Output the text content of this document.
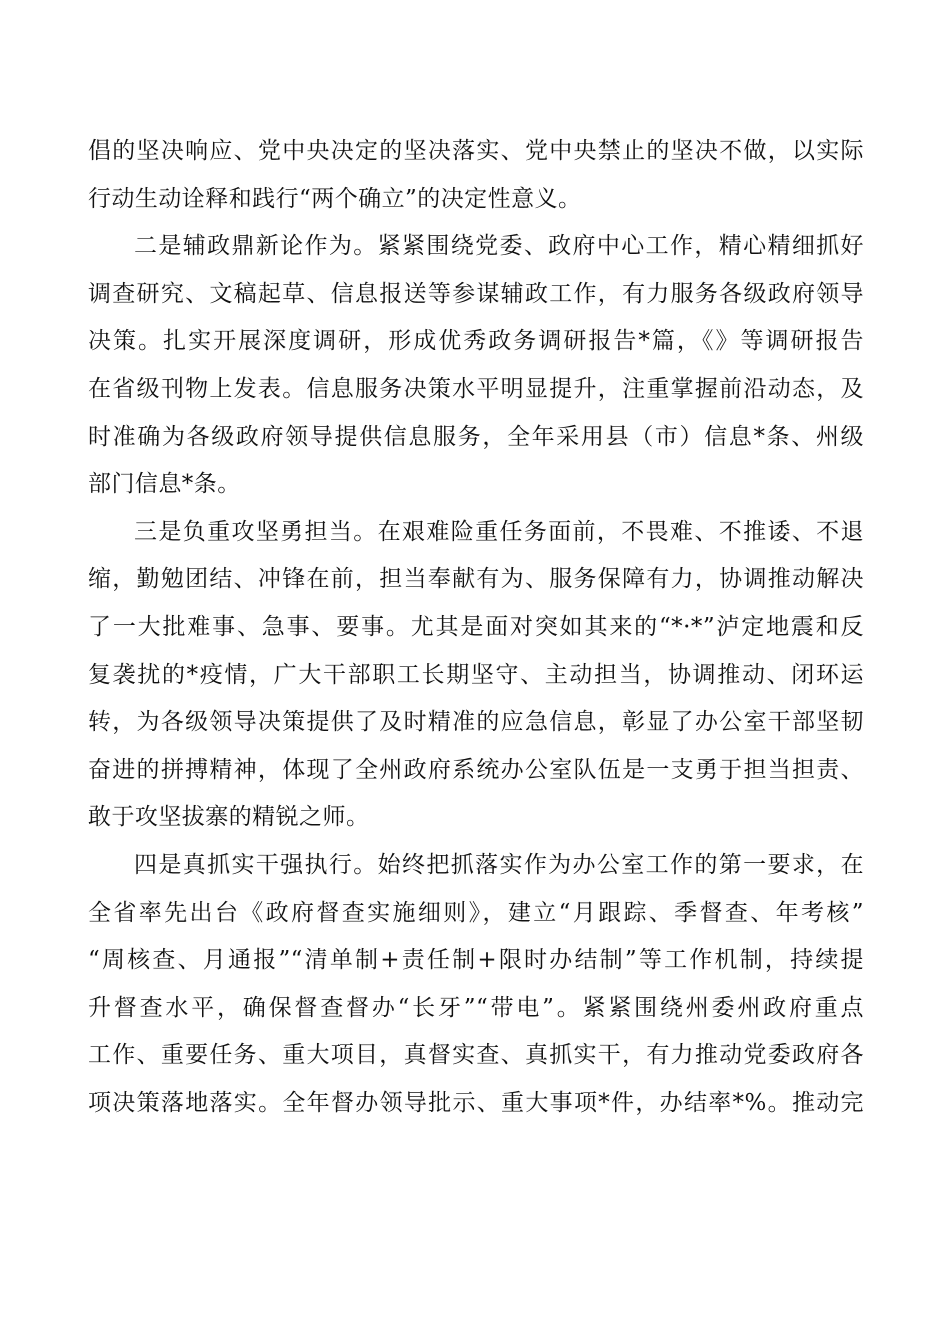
倡的坚决响应、党中央决定的坚决落实、党中央禁止的坚决不做，以实际
行动生动诠释和践行“两个确立”的决定性意义。
二是辅政鼎新论作为。紧紧围绕党委、政府中心工作，精心精细抓好
调查研究、文稿起草、信息报送等参谋辅政工作，有力服务各级政府领导
决策。扎实开展深度调研，形成优秀政务调研报告*篇，《》等调研报告
在省级刊物上发表。信息服务决策水平明显提升，注重掌握前沿动态，及
时准确为各级政府领导提供信息服务，全年采用县（市）信息*条、州级
部门信息*条。
三是负重攻坚勇担当。在艰难险重任务面前，不畏难、不推诿、不退
缩，勤勉团结、冲锋在前，担当奉献有为、服务保障有力，协调推动解决
了一大批难事、急事、要事。尤其是面对突如其来的“*·*”泸定地震和反
复袭扰的*疫情，广大干部职工长期坚守、主动担当，协调推动、闭环运
转，为各级领导决策提供了及时精准的应急信息，彰显了办公室干部坚韧
奋进的拼搏精神，体现了全州政府系统办公室队伍是一支勇于担当担责、
敢于攻坚拔寨的精锐之师。
四是真抓实干强执行。始终把抓落实作为办公室工作的第一要求，在
全省率先出台《政府督查实施细则》，建立“月跟踪、季督查、年考核”
“周核查、月通报”“清单制+责任制+限时办结制”等工作机制，持续提
升督查水平，确保督查督办“长牙”“带电”。紧紧围绕州委州政府重点
工作、重要任务、重大项目，真督实查、真抓实干，有力推动党委政府各
项决策落地落实。全年督办领导批示、重大事项*件，办结率*%。推动完
